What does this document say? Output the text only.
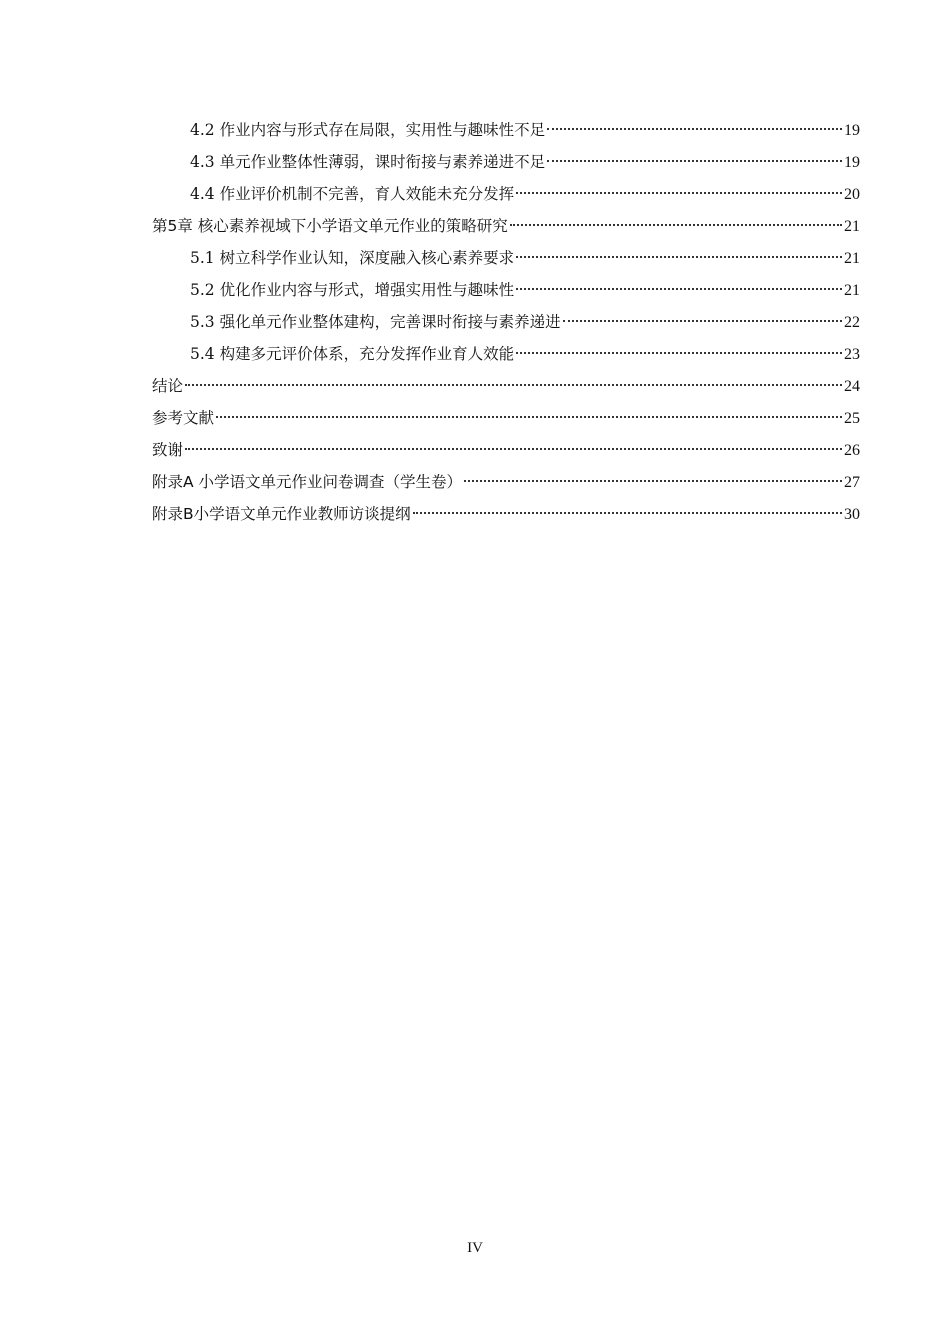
4.2 作业内容与形式存在局限，实用性与趣味性不足	19
4.3 单元作业整体性薄弱，课时衔接与素养递进不足	19
4.4 作业评价机制不完善，育人效能未充分发挥	20
第5章 核心素养视域下小学语文单元作业的策略研究	21
5.1 树立科学作业认知，深度融入核心素养要求	21
5.2 优化作业内容与形式，增强实用性与趣味性	21
5.3 强化单元作业整体建构，完善课时衔接与素养递进	22
5.4 构建多元评价体系，充分发挥作业育人效能	23
结论	24
参考文献	25
致谢	26
附录A 小学语文单元作业问卷调查（学生卷）	27
附录B小学语文单元作业教师访谈提纲	30
IV
